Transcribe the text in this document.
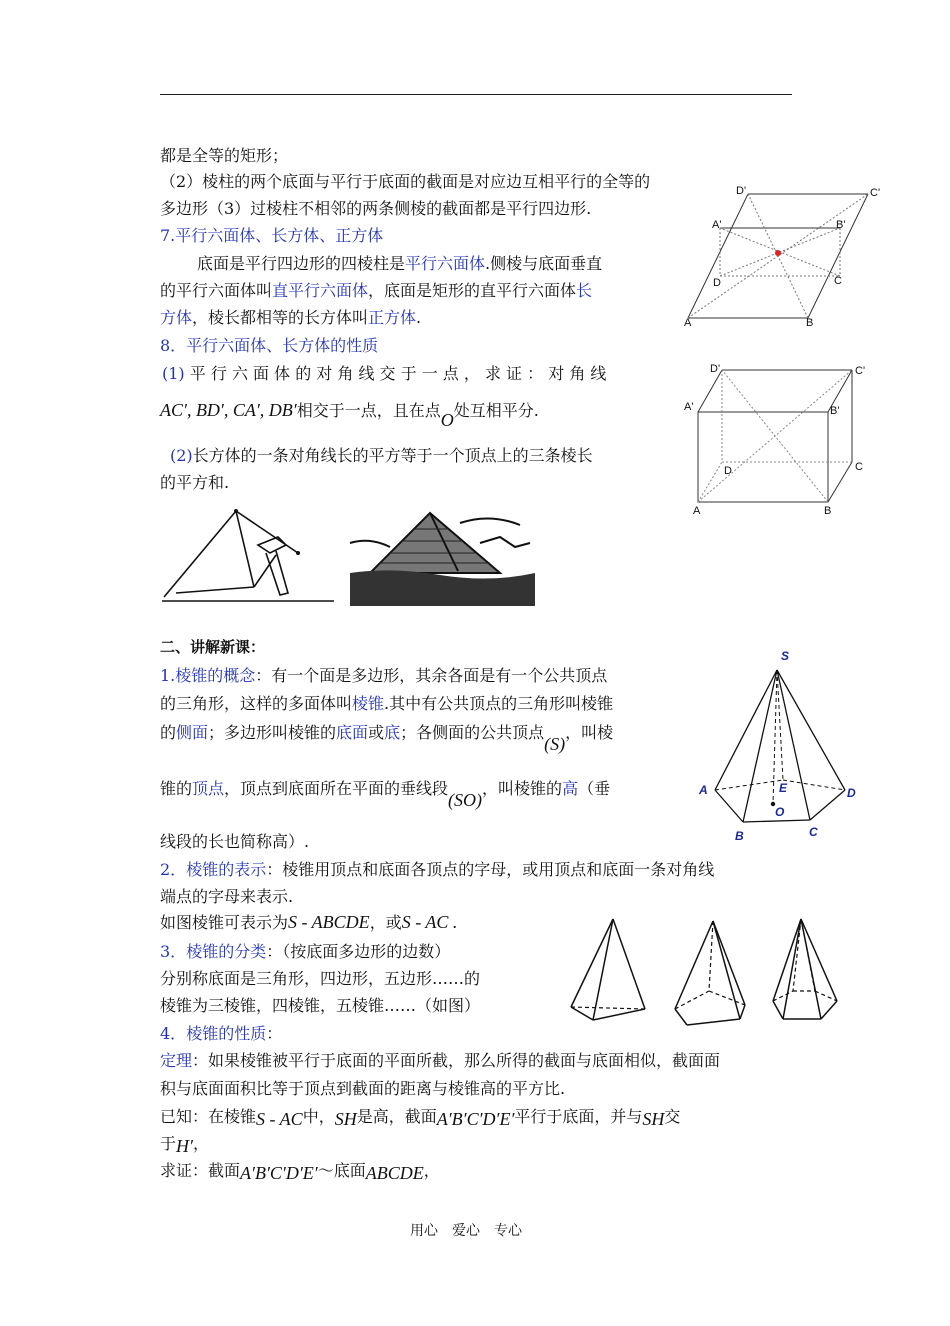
都是全等的矩形；
（2）棱柱的两个底面与平行于底面的截面是对应边互相平行的全等的
多边形（3）过棱柱不相邻的两条侧棱的截面都是平行四边形.
7.平行六面体、长方体、正方体
底面是平行四边形的四棱柱是平行六面体.侧棱与底面垂直
的平行六面体叫直平行六面体，底面是矩形的直平行六面体长
方体，棱长都相等的长方体叫正方体.
8．平行六面体、长方体的性质
(1) 平 行 六 面 体 的 对 角 线 交 于 一 点 ， 求 证 ： 对 角 线
AC′, BD′, CA′, DB′相交于一点，且在点O处互相平分.
(2)长方体的一条对角线长的平方等于一个顶点上的三条棱长
的平方和.
D'	C'
A'	B'
D	C
A	B
D'	C'
A'	B'
D	C
A	B
二、讲解新课：
1.棱锥的概念：有一个面是多边形，其余各面是有一个公共顶点
的三角形，这样的多面体叫棱锥.其中有公共顶点的三角形叫棱锥
的侧面；多边形叫棱锥的底面或底；各侧面的公共顶点(S)，叫棱
锥的顶点，顶点到底面所在平面的垂线段(SO)，叫棱锥的高（垂
线段的长也简称高）.
2．棱锥的表示：棱锥用顶点和底面各顶点的字母，或用顶点和底面一条对角线
端点的字母来表示.
如图棱锥可表示为S - ABCDE，或S - AC .
3．棱锥的分类：（按底面多边形的边数）
分别称底面是三角形，四边形，五边形……的
棱锥为三棱锥，四棱锥，五棱锥……（如图）
4．棱锥的性质：
定理：如果棱锥被平行于底面的平面所截，那么所得的截面与底面相似，截面面
积与底面面积比等于顶点到截面的距离与棱锥高的平方比.
已知：在棱锥S - AC中，SH是高，截面A′B′C′D′E′平行于底面，并与SH交
于H′，
求证：截面A′B′C′D′E′～底面ABCDE，
S
E
A	D
O
B	C
用心　爱心　专心
